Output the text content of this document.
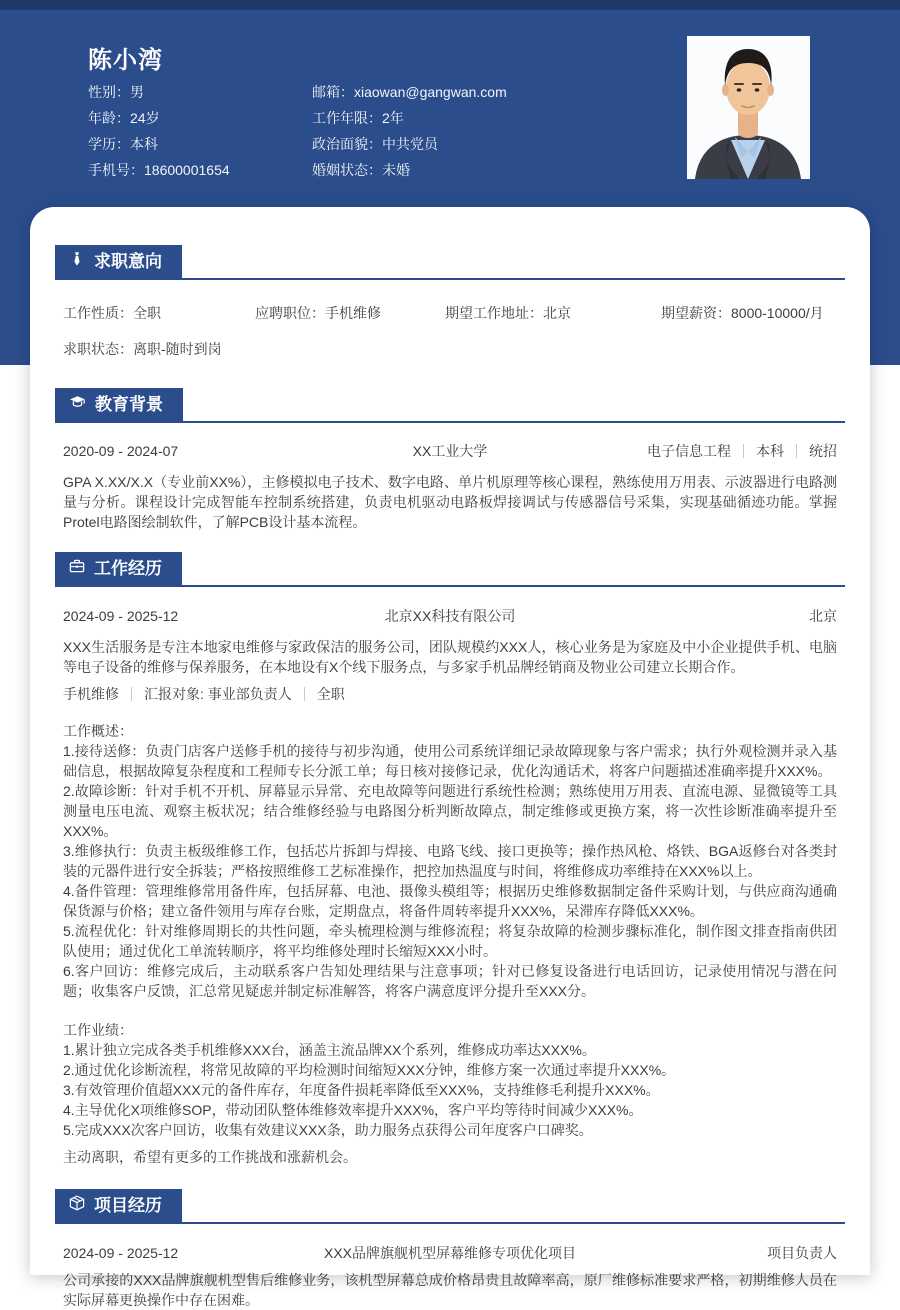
陈小湾
性别：男	邮箱：xiaowan@gangwan.com
年龄：24岁	工作年限：2年
学历：本科	政治面貌：中共党员
手机号：18600001654	婚姻状态：未婚
求职意向
工作性质：全职	应聘职位：手机维修	期望工作地址：北京	期望薪资：8000-10000/月
求职状态：离职-随时到岗
教育背景
2020-09 - 2024-07	XX工业大学	电子信息工程 本科 统招
GPA X.XX/X.X（专业前XX%），主修模拟电子技术、数字电路、单片机原理等核心课程，熟练使用万用表、示波器进行电路测量与分析。课程设计完成智能车控制系统搭建，负责电机驱动电路板焊接调试与传感器信号采集，实现基础循迹功能。掌握Protel电路图绘制软件，了解PCB设计基本流程。
工作经历
2024-09 - 2025-12	北京XX科技有限公司	北京
XXX生活服务是专注本地家电维修与家政保洁的服务公司，团队规模约XXX人，核心业务是为家庭及中小企业提供手机、电脑等电子设备的维修与保养服务，在本地设有X个线下服务点，与多家手机品牌经销商及物业公司建立长期合作。
手机维修 汇报对象: 事业部负责人 全职
工作概述：
1.接待送修：负责门店客户送修手机的接待与初步沟通，使用公司系统详细记录故障现象与客户需求；执行外观检测并录入基础信息，根据故障复杂程度和工程师专长分派工单；每日核对接修记录，优化沟通话术，将客户问题描述准确率提升XXX%。
2.故障诊断：针对手机不开机、屏幕显示异常、充电故障等问题进行系统性检测；熟练使用万用表、直流电源、显微镜等工具测量电压电流、观察主板状况；结合维修经验与电路图分析判断故障点，制定维修或更换方案，将一次性诊断准确率提升至XXX%。
3.维修执行：负责主板级维修工作，包括芯片拆卸与焊接、电路飞线、接口更换等；操作热风枪、烙铁、BGA返修台对各类封装的元器件进行安全拆装；严格按照维修工艺标准操作，把控加热温度与时间，将维修成功率维持在XXX%以上。
4.备件管理：管理维修常用备件库，包括屏幕、电池、摄像头模组等；根据历史维修数据制定备件采购计划，与供应商沟通确保货源与价格；建立备件领用与库存台账，定期盘点，将备件周转率提升XXX%，呆滞库存降低XXX%。
5.流程优化：针对维修周期长的共性问题，牵头梳理检测与维修流程；将复杂故障的检测步骤标准化，制作图文排查指南供团队使用；通过优化工单流转顺序，将平均维修处理时长缩短XXX小时。
6.客户回访：维修完成后，主动联系客户告知处理结果与注意事项；针对已修复设备进行电话回访，记录使用情况与潜在问题；收集客户反馈，汇总常见疑虑并制定标准解答，将客户满意度评分提升至XXX分。
工作业绩：
1.累计独立完成各类手机维修XXX台，涵盖主流品牌XX个系列，维修成功率达XXX%。
2.通过优化诊断流程，将常见故障的平均检测时间缩短XXX分钟，维修方案一次通过率提升XXX%。
3.有效管理价值超XXX元的备件库存，年度备件损耗率降低至XXX%，支持维修毛利提升XXX%。
4.主导优化X项维修SOP，带动团队整体维修效率提升XXX%，客户平均等待时间减少XXX%。
5.完成XXX次客户回访，收集有效建议XXX条，助力服务点获得公司年度客户口碑奖。
主动离职，希望有更多的工作挑战和涨薪机会。
项目经历
2024-09 - 2025-12	XXX品牌旗舰机型屏幕维修专项优化项目	项目负责人
公司承接的XXX品牌旗舰机型售后维修业务，该机型屏幕总成价格昂贵且故障率高，原厂维修标准要求严格，初期维修人员在实际屏幕更换操作中存在困难。
